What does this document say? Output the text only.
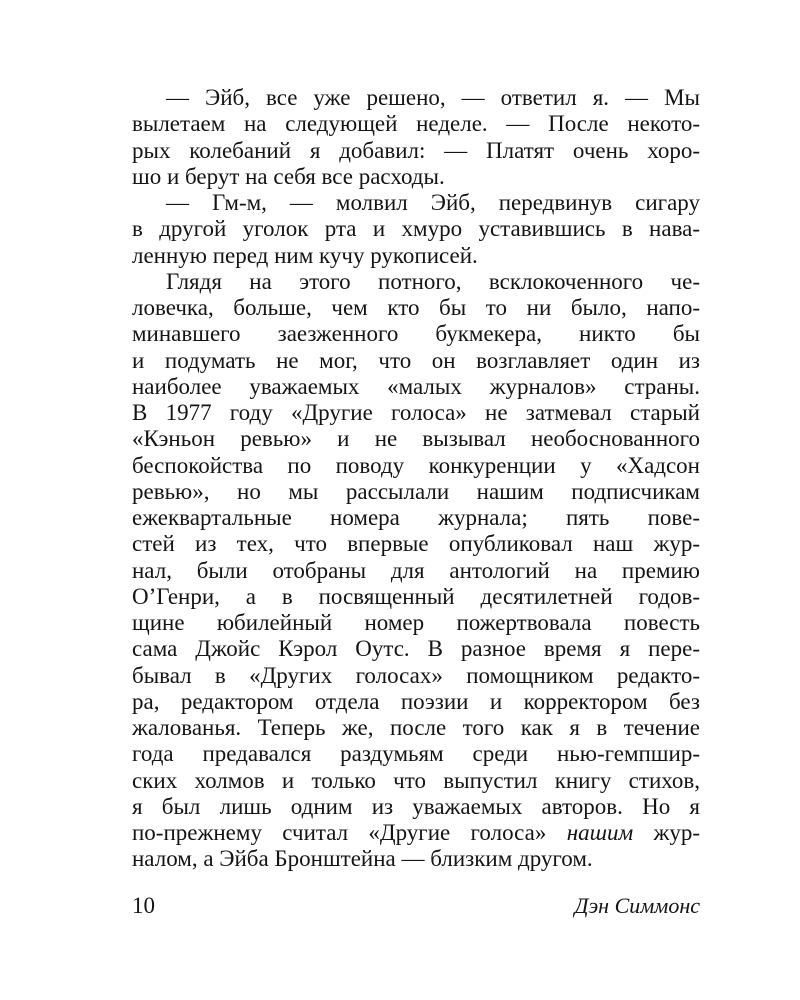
— Эйб, все уже решено, — ответил я. — Мы
вылетаем на следующей неделе. — После некото-
рых колебаний я добавил: — Платят очень хоро-
шо и берут на себя все расходы.
— Гм-м, — молвил Эйб, передвинув сигару
в другой уголок рта и хмуро уставившись в нава-
ленную перед ним кучу рукописей.
Глядя на этого потного, всклокоченного че-
ловечка, больше, чем кто бы то ни было, напо-
минавшего заезженного букмекера, никто бы
и подумать не мог, что он возглавляет один из
наиболее уважаемых «малых журналов» страны.
В 1977 году «Другие голоса» не затмевал старый
«Кэньон ревью» и не вызывал необоснованного
беспокойства по поводу конкуренции у «Хадсон
ревью», но мы рассылали нашим подписчикам
ежеквартальные номера журнала; пять пове-
стей из тех, что впервые опубликовал наш жур-
нал, были отобраны для антологий на премию
О’Генри, а в посвященный десятилетней годов-
щине юбилейный номер пожертвовала повесть
сама Джойс Кэрол Оутс. В разное время я пере-
бывал в «Других голосах» помощником редакто-
ра, редактором отдела поэзии и корректором без
жалованья. Теперь же, после того как я в течение
года предавался раздумьям среди нью-гемпшир-
ских холмов и только что выпустил книгу стихов,
я был лишь одним из уважаемых авторов. Но я
по-прежнему считал «Другие голоса» нашим жур-
налом, а Эйба Бронштейна — близким другом.
10	Дэн Симмонс
